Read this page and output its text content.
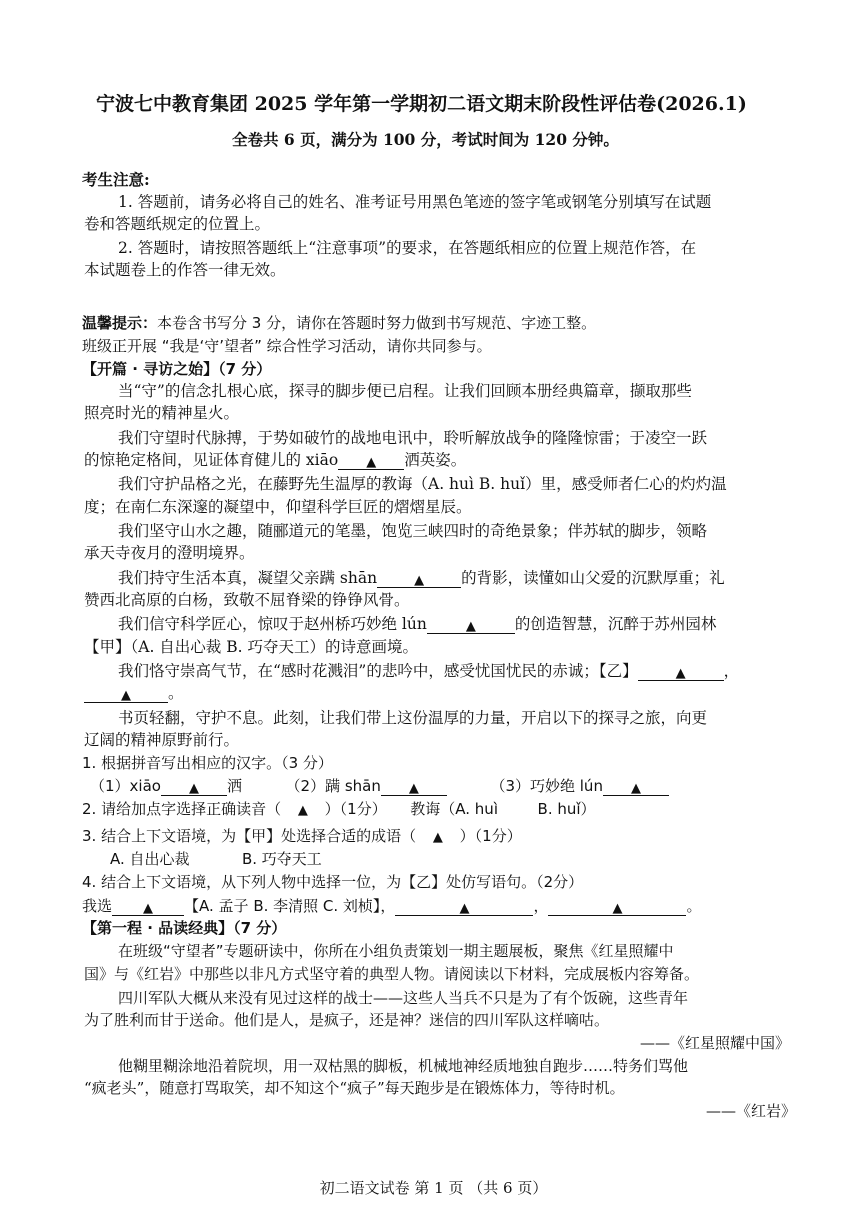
宁波七中教育集团 2025 学年第一学期初二语文期末阶段性评估卷(2026.1)
全卷共 6 页，满分为 100 分，考试时间为 120 分钟。
考生注意:
1. 答题前，请务必将自己的姓名、准考证号用黑色笔迹的签字笔或钢笔分别填写在试题
卷和答题纸规定的位置上。
2. 答题时，请按照答题纸上“注意事项”的要求，在答题纸相应的位置上规范作答，在
本试题卷上的作答一律无效。
温馨提示：本卷含书写分 3 分，请你在答题时努力做到书写规范、字迹工整。
班级正开展 “我是‘守’望者” 综合性学习活动，请你共同参与。
【开篇 · 寻访之始】（7 分）
当“守”的信念扎根心底，探寻的脚步便已启程。让我们回顾本册经典篇章，撷取那些
照亮时光的精神星火。
我们守望时代脉搏，于势如破竹的战地电讯中，聆听解放战争的隆隆惊雷；于凌空一跃
的惊艳定格间，见证体育健儿的 xiāo ▲ 洒英姿。
我们守护品格之光，在藤野先生温厚的教诲（A. huì B. huǐ）里，感受师者仁心的灼灼温
度；在南仁东深邃的凝望中，仰望科学巨匠的熠熠星辰。
我们坚守山水之趣，随郦道元的笔墨，饱览三峡四时的奇绝景象；伴苏轼的脚步，领略
承天寺夜月的澄明境界。
我们持守生活本真，凝望父亲蹒 shān	▲ 的背影，读懂如山父爱的沉默厚重；礼
赞西北高原的白杨，致敬不屈脊梁的铮铮风骨。
我们信守科学匠心，惊叹于赵州桥巧妙绝 lún	▲	的创造智慧，沉醉于苏州园林
【甲】（A. 自出心裁 B. 巧夺天工）的诗意画境。
我们恪守崇高气节，在“感时花溅泪”的悲吟中，感受忧国忧民的赤诚；【乙】	▲ ，
▲ 。
书页轻翻，守护不息。此刻，让我们带上这份温厚的力量，开启以下的探寻之旅，向更
辽阔的精神原野前行。
1. 根据拼音写出相应的汉字。（3 分）
（1）xiāo ▲ 洒	（2）蹒 shān ▲	（3）巧妙绝 lún ▲
2. 请给加点字选择正确读音（ ▲ ）（1分） 教诲（A. huì	B. huǐ）
3. 结合上下文语境，为【甲】处选择合适的成语（ ▲ ）（1分）
A. 自出心裁           B. 巧夺天工
4. 结合上下文语境，从下列人物中选择一位，为【乙】处仿写语句。（2分）
我选 ▲ 【A. 孟子 B. 李清照 C. 刘桢】，	▲	，	▲	。
【第一程 · 品读经典】（7 分）
在班级“守望者”专题研读中，你所在小组负责策划一期主题展板，聚焦《红星照耀中
国》与《红岩》中那些以非凡方式坚守着的典型人物。请阅读以下材料，完成展板内容筹备。
四川军队大概从来没有见过这样的战士——这些人当兵不只是为了有个饭碗，这些青年
为了胜利而甘于送命。他们是人，是疯子，还是神？迷信的四川军队这样嘀咕。
——《红星照耀中国》
他糊里糊涂地沿着院坝，用一双枯黑的脚板，机械地神经质地独自跑步……特务们骂他
“疯老头”，随意打骂取笑，却不知这个“疯子”每天跑步是在锻炼体力，等待时机。
——《红岩》
初二语文试卷 第 1 页 （共 6 页）
